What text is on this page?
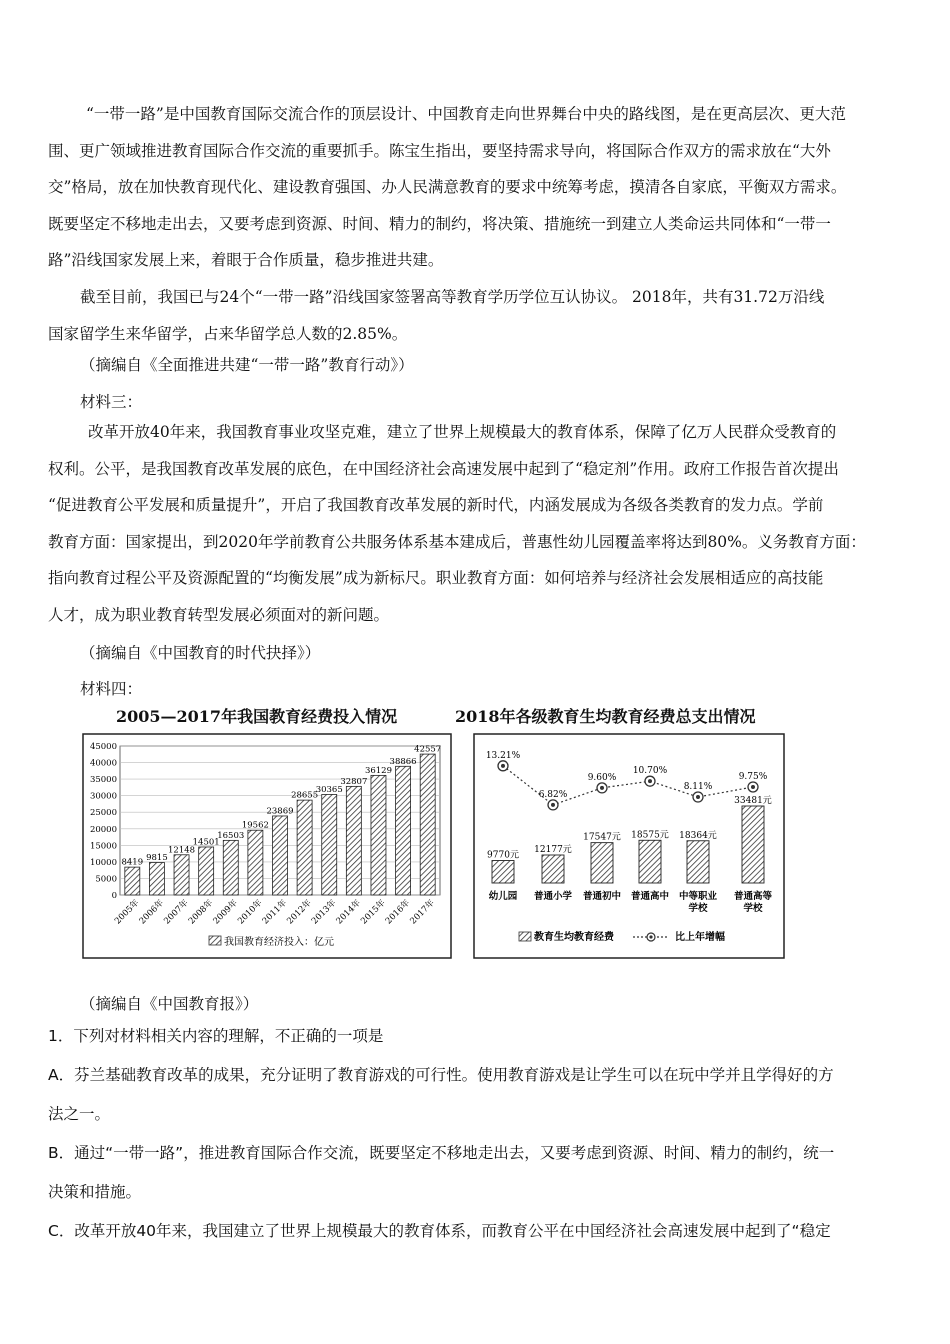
“一带一路”是中国教育国际交流合作的顶层设计、中国教育走向世界舞台中央的路线图，是在更高层次、更大范
围、更广领域推进教育国际合作交流的重要抓手。陈宝生指出，要坚持需求导向，将国际合作双方的需求放在“大外
交”格局，放在加快教育现代化、建设教育强国、办人民满意教育的要求中统筹考虑，摸清各自家底，平衡双方需求。
既要坚定不移地走出去，又要考虑到资源、时间、精力的制约，将决策、措施统一到建立人类命运共同体和“一带一
路”沿线国家发展上来，着眼于合作质量，稳步推进共建。
截至目前，我国已与24个“一带一路”沿线国家签署高等教育学历学位互认协议。 2018年，共有31.72万沿线
国家留学生来华留学，占来华留学总人数的2.85%。
（摘编自《全面推进共建“一带一路”教育行动》）
材料三：
改革开放40年来，我国教育事业攻坚克难，建立了世界上规模最大的教育体系，保障了亿万人民群众受教育的
权利。公平，是我国教育改革发展的底色，在中国经济社会高速发展中起到了“稳定剂”作用。政府工作报告首次提出
“促进教育公平发展和质量提升”，开启了我国教育改革发展的新时代，内涵发展成为各级各类教育的发力点。学前
教育方面：国家提出，到2020年学前教育公共服务体系基本建成后，普惠性幼儿园覆盖率将达到80%。义务教育方面：
指向教育过程公平及资源配置的“均衡发展”成为新标尺。职业教育方面：如何培养与经济社会发展相适应的高技能
人才，成为职业教育转型发展必须面对的新问题。
（摘编自《中国教育的时代抉择》）
材料四：
2005—2017年我国教育经费投入情况	2018年各级教育生均教育经费总支出情况
0
5000
10000
15000
20000
25000
30000
35000
40000
45000
8419
2005年
9815
2006年
12148
2007年
14501
2008年
16503
2009年
19562
2010年
23869
2011年
28655
2012年
30365
2013年
32807
2014年
36129
2015年
38866
2016年
42557
2017年
我国教育经济投入：亿元
9770元
幼儿园
12177元
普通小学
17547元
普通初中
18575元
普通高中
18364元
中等职业
学校
33481元
普通高等
学校
13.21%
6.82%
9.60%
10.70%
8.11%
9.75%
教育生均教育经费	比上年增幅
（摘编自《中国教育报》）
1．下列对材料相关内容的理解，不正确的一项是
A．芬兰基础教育改革的成果，充分证明了教育游戏的可行性。使用教育游戏是让学生可以在玩中学并且学得好的方
法之一。
B．通过“一带一路”，推进教育国际合作交流，既要坚定不移地走出去，又要考虑到资源、时间、精力的制约，统一
决策和措施。
C．改革开放40年来，我国建立了世界上规模最大的教育体系，而教育公平在中国经济社会高速发展中起到了“稳定
